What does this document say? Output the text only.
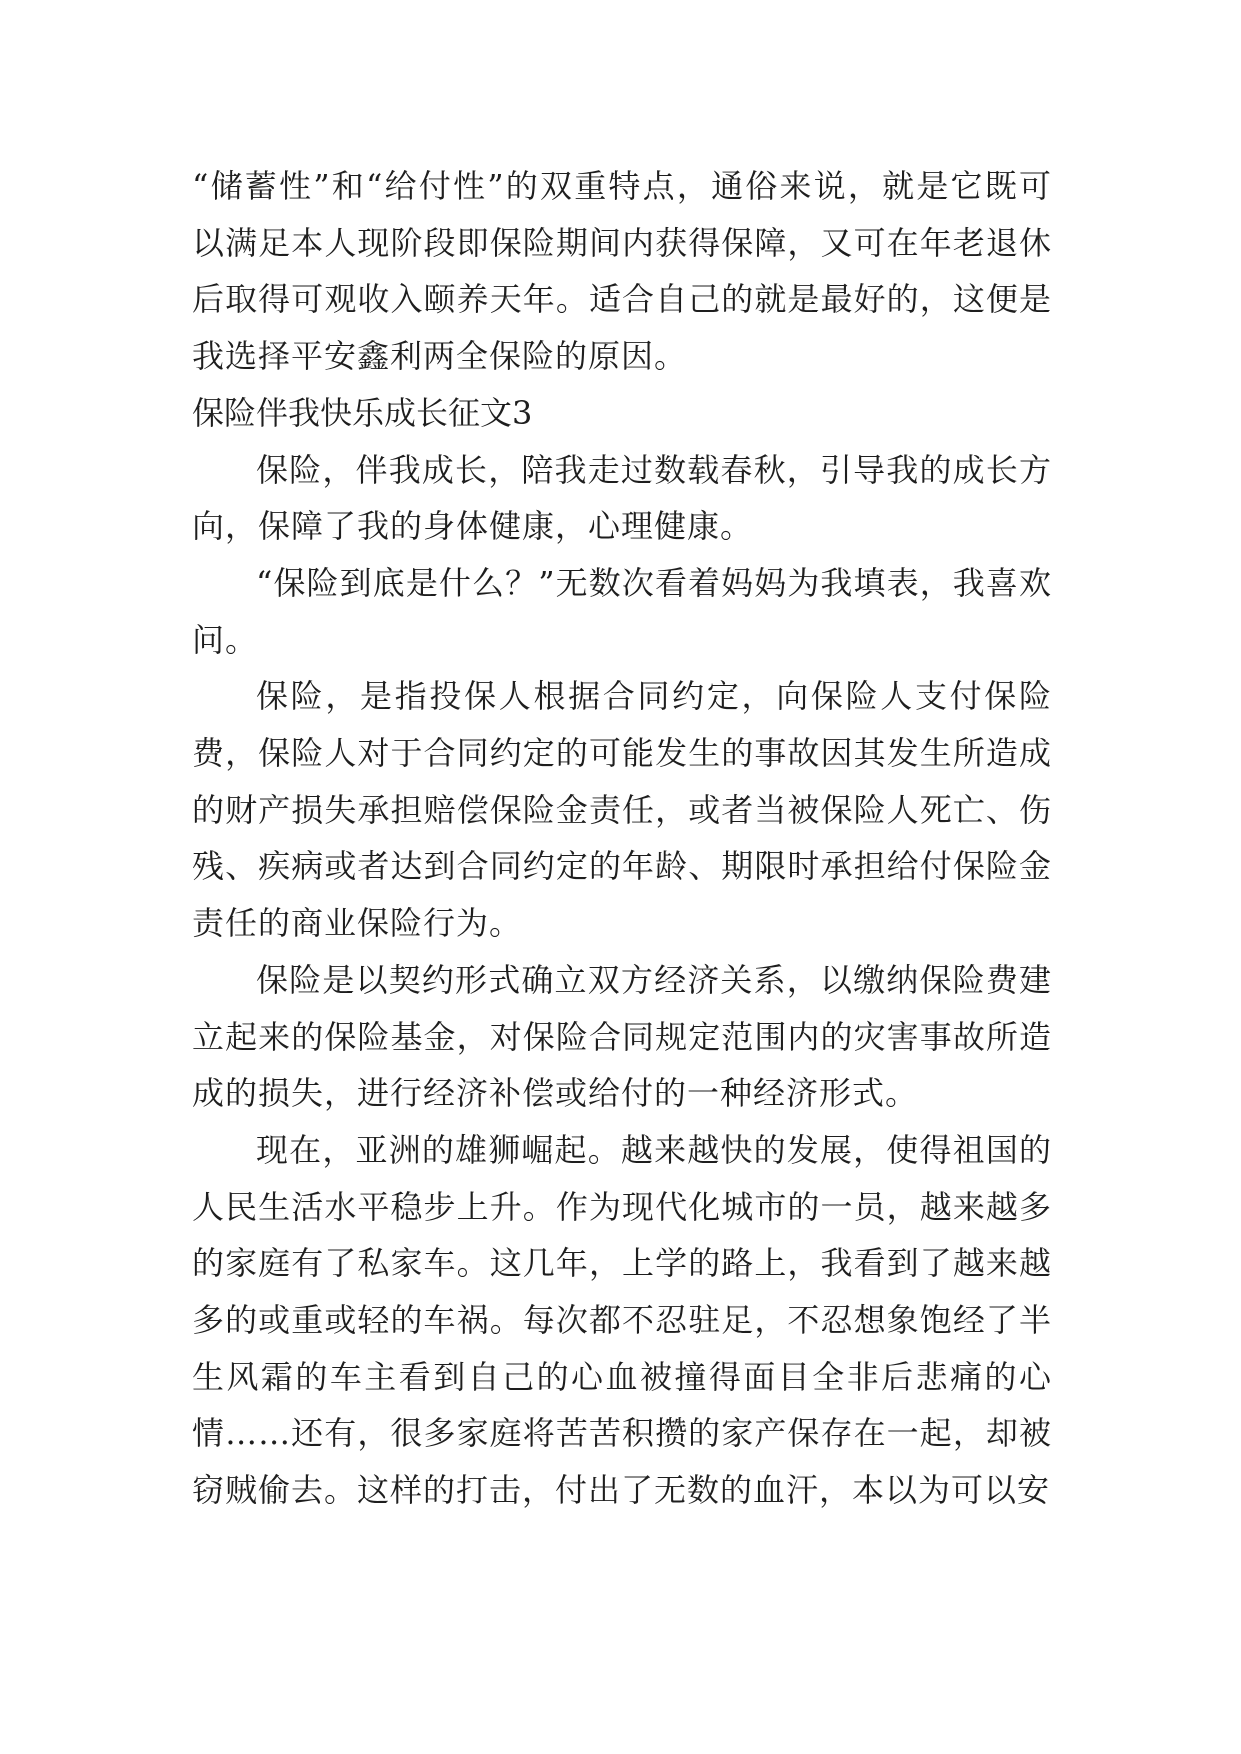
“储蓄性”和“给付性”的双重特点，通俗来说，就是它既可以满足本人现阶段即保险期间内获得保障，又可在年老退休后取得可观收入颐养天年。适合自己的就是最好的，这便是我选择平安鑫利两全保险的原因。

保险伴我快乐成长征文3

保险，伴我成长，陪我走过数载春秋，引导我的成长方向，保障了我的身体健康，心理健康。

“保险到底是什么？”无数次看着妈妈为我填表，我喜欢问。

保险，是指投保人根据合同约定，向保险人支付保险费，保险人对于合同约定的可能发生的事故因其发生所造成的财产损失承担赔偿保险金责任，或者当被保险人死亡、伤残、疾病或者达到合同约定的年龄、期限时承担给付保险金责任的商业保险行为。

保险是以契约形式确立双方经济关系，以缴纳保险费建立起来的保险基金，对保险合同规定范围内的灾害事故所造成的损失，进行经济补偿或给付的一种经济形式。

现在，亚洲的雄狮崛起。越来越快的发展，使得祖国的人民生活水平稳步上升。作为现代化城市的一员，越来越多的家庭有了私家车。这几年，上学的路上，我看到了越来越多的或重或轻的车祸。每次都不忍驻足，不忍想象饱经了半生风霜的车主看到自己的心血被撞得面目全非后悲痛的心情……还有，很多家庭将苦苦积攒的家产保存在一起，却被窃贼偷去。这样的打击，付出了无数的血汗，本以为可以安
